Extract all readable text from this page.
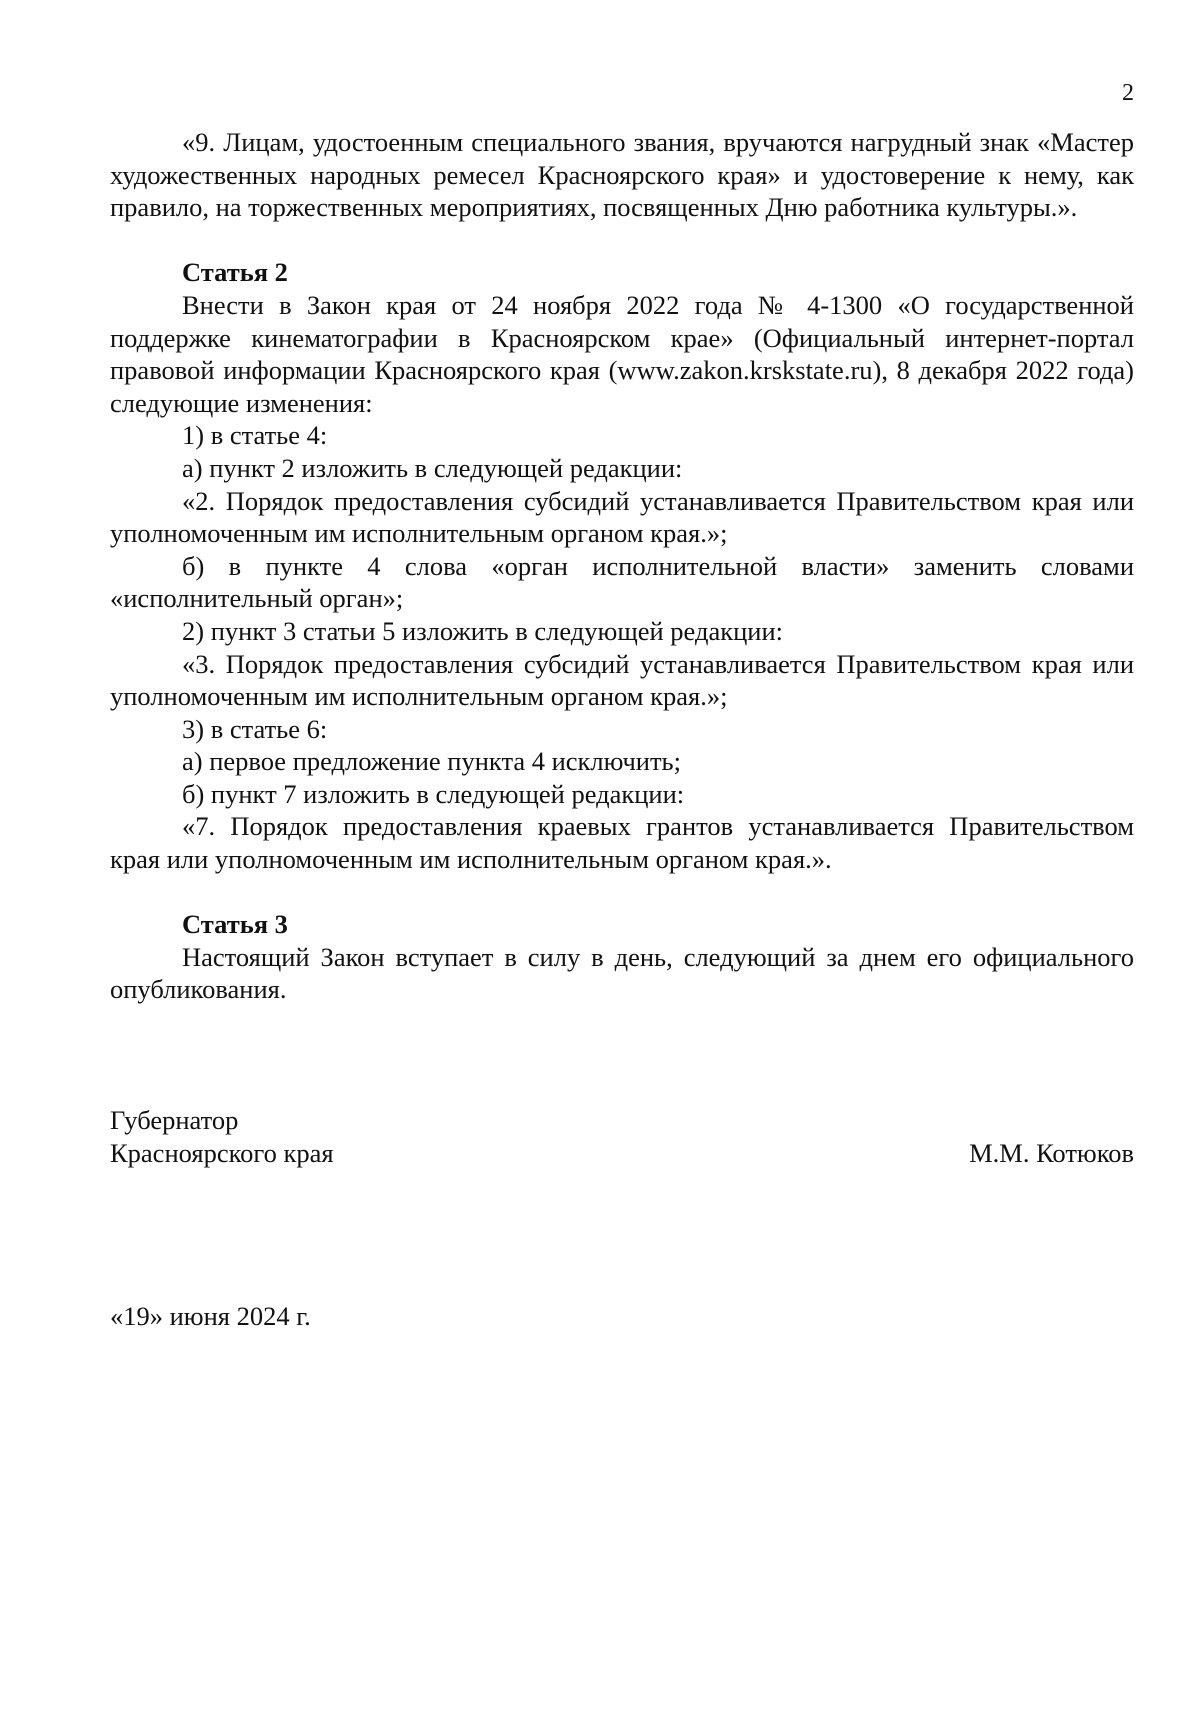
2

«9. Лицам, удостоенным специального звания, вручаются нагрудный знак «Мастер художественных народных ремесел Красноярского края» и удостоверение к нему, как правило, на торжественных мероприятиях, посвященных Дню работника культуры.».

Статья 2

Внести в Закон края от 24 ноября 2022 года № 4-1300 «О государственной поддержке кинематографии в Красноярском крае» (Официальный интернет-портал правовой информации Красноярского края (www.zakon.krskstate.ru), 8 декабря 2022 года) следующие изменения:

1) в статье 4:

а) пункт 2 изложить в следующей редакции:

«2. Порядок предоставления субсидий устанавливается Правительством края или уполномоченным им исполнительным органом края.»;

б) в пункте 4 слова «орган исполнительной власти» заменить словами «исполнительный орган»;

2) пункт 3 статьи 5 изложить в следующей редакции:

«3. Порядок предоставления субсидий устанавливается Правительством края или уполномоченным им исполнительным органом края.»;

3) в статье 6:

а) первое предложение пункта 4 исключить;

б) пункт 7 изложить в следующей редакции:

«7. Порядок предоставления краевых грантов устанавливается Правительством края или уполномоченным им исполнительным органом края.».

Статья 3

Настоящий Закон вступает в силу в день, следующий за днем его официального опубликования.

Губернатор
Красноярского края	М.М. Котюков
«19» июня 2024 г.
